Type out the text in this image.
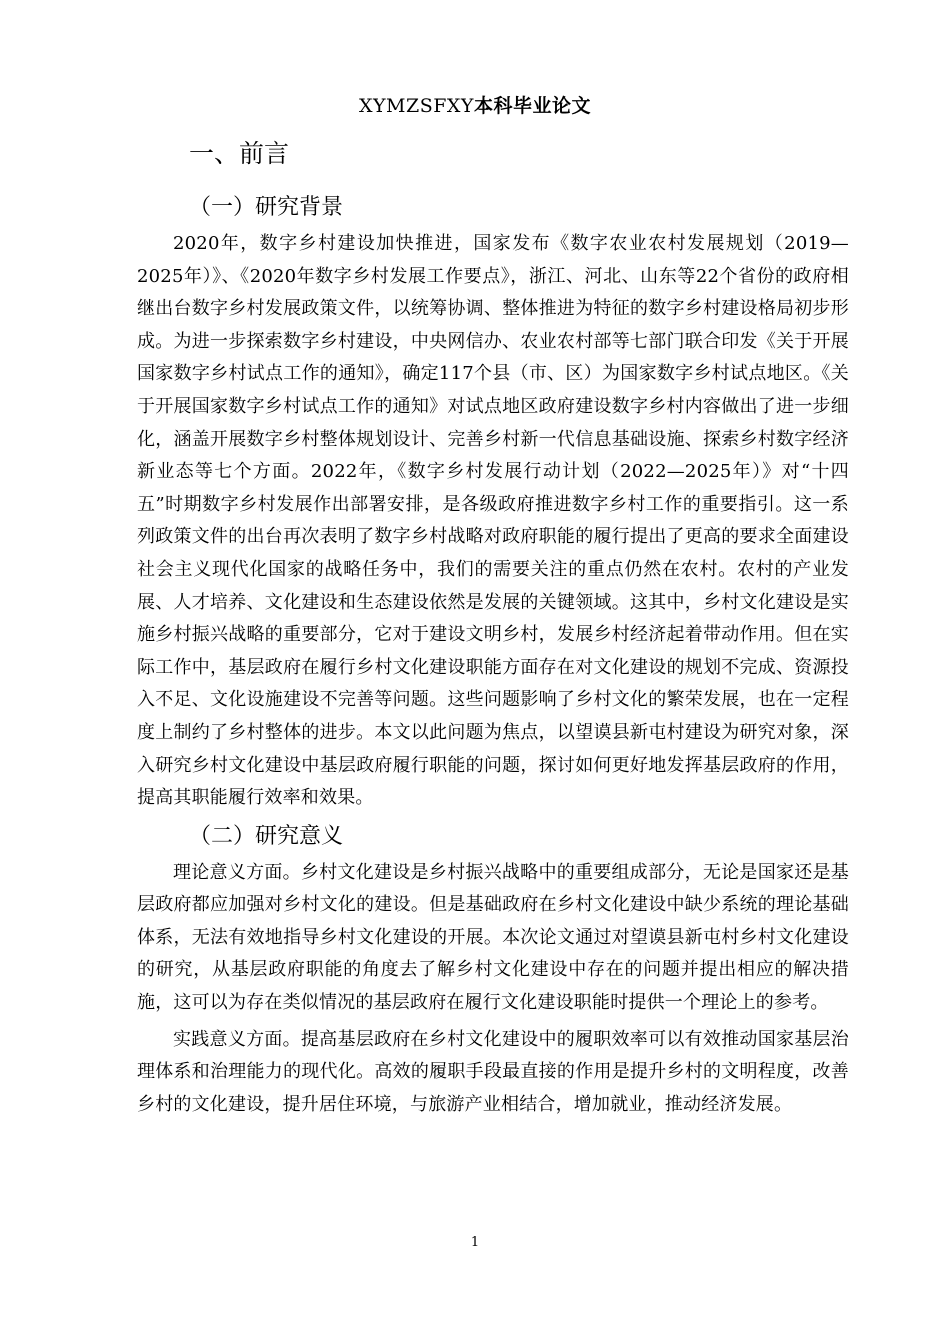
XYMZSFXY本科毕业论文
一、前言
（一）研究背景

2020年，数字乡村建设加快推进，国家发布《数字农业农村发展规划（2019—2025年）》、《2020年数字乡村发展工作要点》，浙江、河北、山东等22个省份的政府相继出台数字乡村发展政策文件，以统筹协调、整体推进为特征的数字乡村建设格局初步形成。为进一步探索数字乡村建设，中央网信办、农业农村部等七部门联合印发《关于开展国家数字乡村试点工作的通知》，确定117个县（市、区）为国家数字乡村试点地区。《关于开展国家数字乡村试点工作的通知》对试点地区政府建设数字乡村内容做出了进一步细化，涵盖开展数字乡村整体规划设计、完善乡村新一代信息基础设施、探索乡村数字经济新业态等七个方面。2022年，《数字乡村发展行动计划（2022—2025年）》对“十四五”时期数字乡村发展作出部署安排，是各级政府推进数字乡村工作的重要指引。这一系列政策文件的出台再次表明了数字乡村战略对政府职能的履行提出了更高的要求全面建设社会主义现代化国家的战略任务中，我们的需要关注的重点仍然在农村。农村的产业发展、人才培养、文化建设和生态建设依然是发展的关键领域。这其中，乡村文化建设是实施乡村振兴战略的重要部分，它对于建设文明乡村，发展乡村经济起着带动作用。但在实际工作中，基层政府在履行乡村文化建设职能方面存在对文化建设的规划不完成、资源投入不足、文化设施建设不完善等问题。这些问题影响了乡村文化的繁荣发展，也在一定程度上制约了乡村整体的进步。本文以此问题为焦点，以望谟县新屯村建设为研究对象，深入研究乡村文化建设中基层政府履行职能的问题，探讨如何更好地发挥基层政府的作用，提高其职能履行效率和效果。

（二）研究意义

理论意义方面。乡村文化建设是乡村振兴战略中的重要组成部分，无论是国家还是基层政府都应加强对乡村文化的建设。但是基础政府在乡村文化建设中缺少系统的理论基础体系，无法有效地指导乡村文化建设的开展。本次论文通过对望谟县新屯村乡村文化建设的研究，从基层政府职能的角度去了解乡村文化建设中存在的问题并提出相应的解决措施，这可以为存在类似情况的基层政府在履行文化建设职能时提供一个理论上的参考。

实践意义方面。提高基层政府在乡村文化建设中的履职效率可以有效推动国家基层治理体系和治理能力的现代化。高效的履职手段最直接的作用是提升乡村的文明程度，改善乡村的文化建设，提升居住环境，与旅游产业相结合，增加就业，推动经济发展。

1
